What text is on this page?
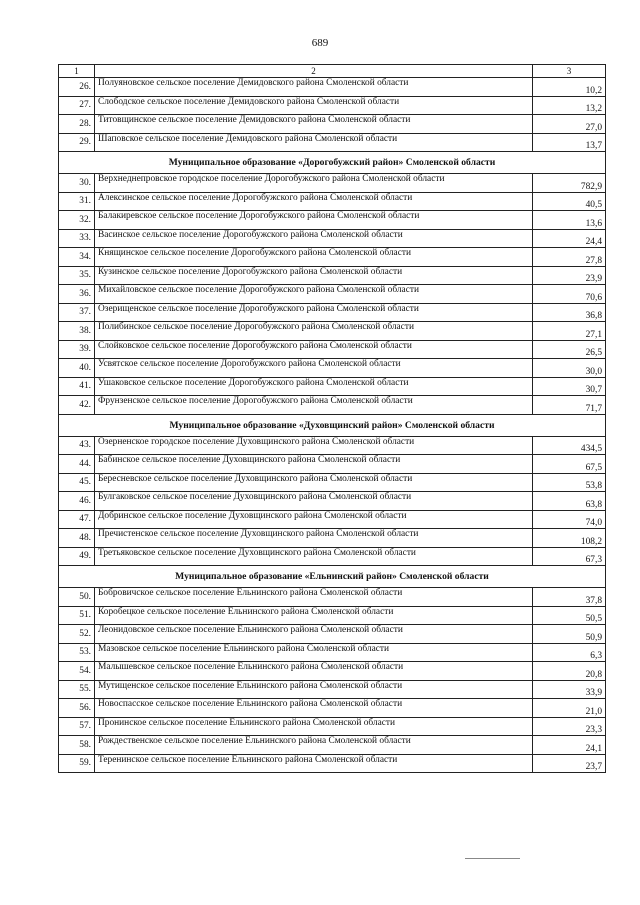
689
1	2	3
26.	Полуяновское сельское поселение Демидовского района Смоленской области	10,2
27.	Слободское сельское поселение Демидовского района Смоленской области	13,2
28.	Титовщинское сельское поселение Демидовского района Смоленской области	27,0
29.	Шаповское сельское поселение Демидовского района Смоленской области	13,7
Муниципальное образование «Дорогобужский район» Смоленской области		
30.	Верхнеднепровское городское поселение Дорогобужского района Смоленской области	782,9
31.	Алексинское сельское поселение Дорогобужского района Смоленской области	40,5
32.	Балакиревское сельское поселение Дорогобужского района Смоленской области	13,6
33.	Васинское сельское поселение Дорогобужского района Смоленской области	24,4
34.	Княщинское сельское поселение Дорогобужского района Смоленской области	27,8
35.	Кузинское сельское поселение Дорогобужского района Смоленской области	23,9
36.	Михайловское сельское поселение Дорогобужского района Смоленской области	70,6
37.	Озерищенское сельское поселение Дорогобужского района Смоленской области	36,8
38.	Полибинское сельское поселение Дорогобужского района Смоленской области	27,1
39.	Слойковское сельское поселение Дорогобужского района Смоленской области	26,5
40.	Усвятское сельское поселение Дорогобужского района Смоленской области	30,0
41.	Ушаковское сельское поселение Дорогобужского района Смоленской области	30,7
42.	Фрунзенское сельское поселение Дорогобужского района Смоленской области	71,7
Муниципальное образование «Духовщинский район» Смоленской области		
43.	Озерненское городское поселение Духовщинского района Смоленской области	434,5
44.	Бабинское сельское поселение Духовщинского района Смоленской области	67,5
45.	Бересневское сельское поселение Духовщинского района Смоленской области	53,8
46.	Булгаковское сельское поселение Духовщинского района Смоленской области	63,8
47.	Добринское сельское поселение Духовщинского района Смоленской области	74,0
48.	Пречистенское сельское поселение Духовщинского района Смоленской области	108,2
49.	Третьяковское сельское поселение Духовщинского района Смоленской области	67,3
Муниципальное образование «Ельнинский район» Смоленской области		
50.	Бобровичское сельское поселение Ельнинского района Смоленской области	37,8
51.	Коробецкое сельское поселение Ельнинского района Смоленской области	50,5
52.	Леонидовское сельское поселение Ельнинского района Смоленской области	50,9
53.	Мазовское сельское поселение Ельнинского района Смоленской области	6,3
54.	Малышевское сельское поселение Ельнинского района Смоленской области	20,8
55.	Мутищенское сельское поселение Ельнинского района Смоленской области	33,9
56.	Новоспасское сельское поселение Ельнинского района Смоленской области	21,0
57.	Пронинское сельское поселение Ельнинского района Смоленской области	23,3
58.	Рождественское сельское поселение Ельнинского района Смоленской области	24,1
59.	Теренинское сельское поселение Ельнинского района Смоленской области	23,7
